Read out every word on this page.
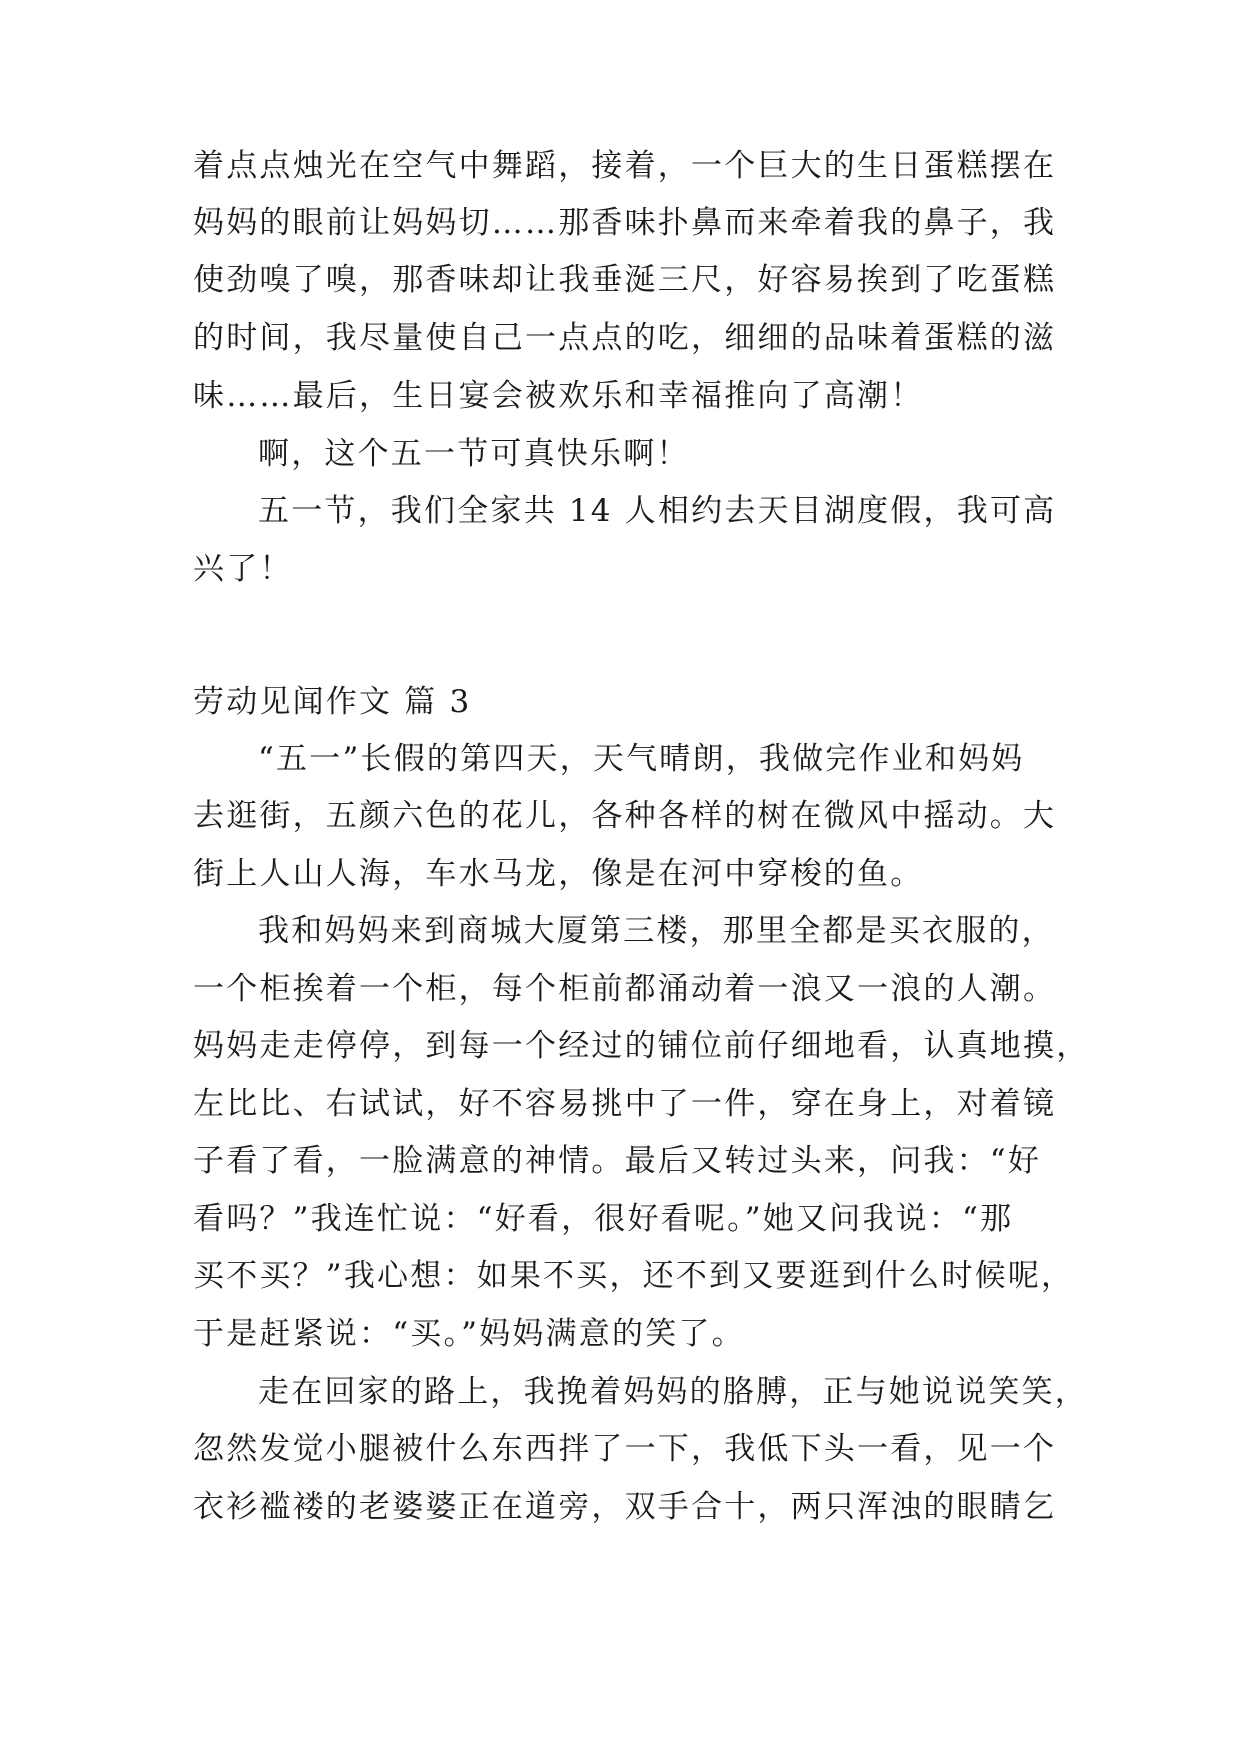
着点点烛光在空气中舞蹈，接着，一个巨大的生日蛋糕摆在

妈妈的眼前让妈妈切……那香味扑鼻而来牵着我的鼻子，我

使劲嗅了嗅，那香味却让我垂涎三尺，好容易挨到了吃蛋糕

的时间，我尽量使自己一点点的吃，细细的品味着蛋糕的滋

味……最后，生日宴会被欢乐和幸福推向了高潮！

啊，这个五一节可真快乐啊！

五一节，我们全家共 14 人相约去天目湖度假，我可高

兴了！

劳动见闻作文 篇 3

“五一”长假的第四天，天气晴朗，我做完作业和妈妈

去逛街，五颜六色的花儿，各种各样的树在微风中摇动。大

街上人山人海，车水马龙，像是在河中穿梭的鱼。

我和妈妈来到商城大厦第三楼，那里全都是买衣服的，

一个柜挨着一个柜，每个柜前都涌动着一浪又一浪的人潮。

妈妈走走停停，到每一个经过的铺位前仔细地看，认真地摸，

左比比、右试试，好不容易挑中了一件，穿在身上，对着镜

子看了看，一脸满意的神情。最后又转过头来，问我：“好

看吗？”我连忙说：“好看，很好看呢。”她又问我说：“那

买不买？”我心想：如果不买，还不到又要逛到什么时候呢，

于是赶紧说：“买。”妈妈满意的笑了。

走在回家的路上，我挽着妈妈的胳膊，正与她说说笑笑，

忽然发觉小腿被什么东西拌了一下，我低下头一看，见一个

衣衫褴褛的老婆婆正在道旁，双手合十，两只浑浊的眼睛乞
